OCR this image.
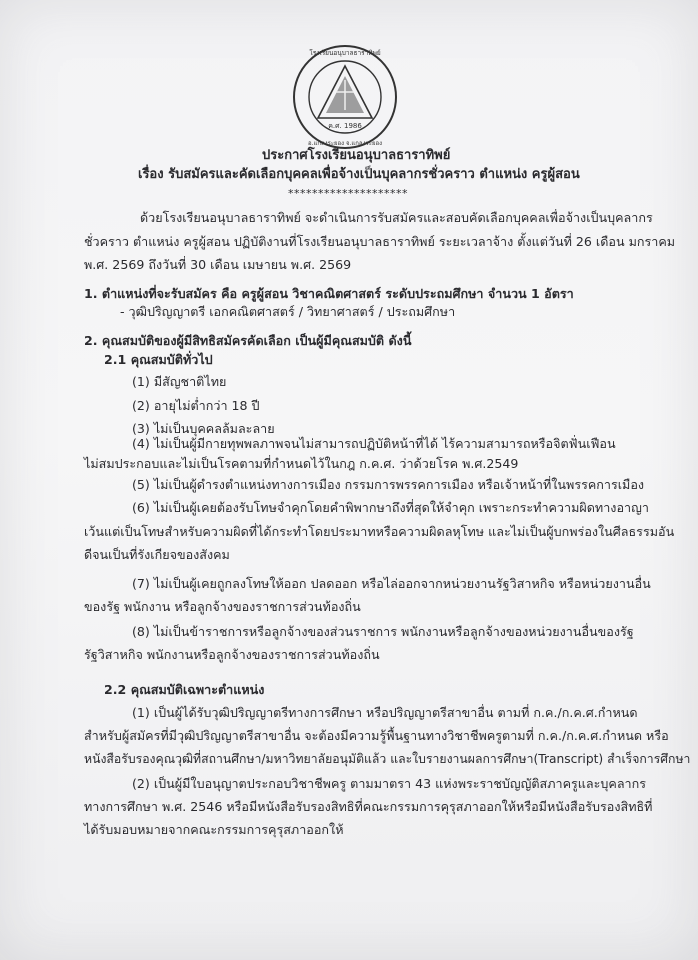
ค.ศ. 1986
โรงเรียนอนุบาลธาราทิพย์
อ.แกลงระยอง จ.แกลงระยอง
ประกาศโรงเรียนอนุบาลธาราทิพย์
เรื่อง รับสมัครและคัดเลือกบุคคลเพื่อจ้างเป็นบุคลากรชั่วคราว ตำแหน่ง ครูผู้สอน
********************
ด้วยโรงเรียนอนุบาลธาราทิพย์ จะดำเนินการรับสมัครและสอบคัดเลือกบุคคลเพื่อจ้างเป็นบุคลากร
ชั่วคราว ตำแหน่ง ครูผู้สอน ปฏิบัติงานที่โรงเรียนอนุบาลธาราทิพย์ ระยะเวลาจ้าง ตั้งแต่วันที่ 26 เดือน มกราคม
พ.ศ. 2569 ถึงวันที่ 30 เดือน เมษายน พ.ศ. 2569
1. ตำแหน่งที่จะรับสมัคร คือ ครูผู้สอน วิชาคณิตศาสตร์ ระดับประถมศึกษา จำนวน 1 อัตรา
- วุฒิปริญญาตรี เอกคณิตศาสตร์ / วิทยาศาสตร์ / ประถมศึกษา
2. คุณสมบัติของผู้มีสิทธิสมัครคัดเลือก เป็นผู้มีคุณสมบัติ ดังนี้
2.1 คุณสมบัติทั่วไป
(1) มีสัญชาติไทย
(2) อายุไม่ต่ำกว่า 18 ปี
(3) ไม่เป็นบุคคลล้มละลาย
(4) ไม่เป็นผู้มีกายทุพพลภาพจนไม่สามารถปฏิบัติหน้าที่ได้ ไร้ความสามารถหรือจิตฟั่นเฟือน
ไม่สมประกอบและไม่เป็นโรคตามที่กำหนดไว้ในกฎ ก.ค.ศ. ว่าด้วยโรค พ.ศ.2549
(5) ไม่เป็นผู้ดำรงตำแหน่งทางการเมือง กรรมการพรรคการเมือง หรือเจ้าหน้าที่ในพรรคการเมือง
(6) ไม่เป็นผู้เคยต้องรับโทษจำคุกโดยคำพิพากษาถึงที่สุดให้จำคุก เพราะกระทำความผิดทางอาญา
เว้นแต่เป็นโทษสำหรับความผิดที่ได้กระทำโดยประมาทหรือความผิดลหุโทษ และไม่เป็นผู้บกพร่องในศีลธรรมอัน
ดีจนเป็นที่รังเกียจของสังคม
(7) ไม่เป็นผู้เคยถูกลงโทษให้ออก ปลดออก หรือไล่ออกจากหน่วยงานรัฐวิสาหกิจ หรือหน่วยงานอื่น
ของรัฐ พนักงาน หรือลูกจ้างของราชการส่วนท้องถิ่น
(8) ไม่เป็นข้าราชการหรือลูกจ้างของส่วนราชการ พนักงานหรือลูกจ้างของหน่วยงานอื่นของรัฐ
รัฐวิสาหกิจ พนักงานหรือลูกจ้างของราชการส่วนท้องถิ่น
2.2 คุณสมบัติเฉพาะตำแหน่ง
(1) เป็นผู้ได้รับวุฒิปริญญาตรีทางการศึกษา หรือปริญญาตรีสาขาอื่น ตามที่ ก.ค./ก.ค.ศ.กำหนด
สำหรับผู้สมัครที่มีวุฒิปริญญาตรีสาขาอื่น จะต้องมีความรู้พื้นฐานทางวิชาชีพครูตามที่ ก.ค./ก.ค.ศ.กำหนด หรือ
หนังสือรับรองคุณวุฒิที่สถานศึกษา/มหาวิทยาลัยอนุมัติแล้ว และใบรายงานผลการศึกษา(Transcript) สำเร็จการศึกษา
(2) เป็นผู้มีใบอนุญาตประกอบวิชาชีพครู ตามมาตรา 43 แห่งพระราชบัญญัติสภาครูและบุคลากร
ทางการศึกษา พ.ศ. 2546 หรือมีหนังสือรับรองสิทธิที่คณะกรรมการคุรุสภาออกให้หรือมีหนังสือรับรองสิทธิที่
ได้รับมอบหมายจากคณะกรรมการคุรุสภาออกให้
